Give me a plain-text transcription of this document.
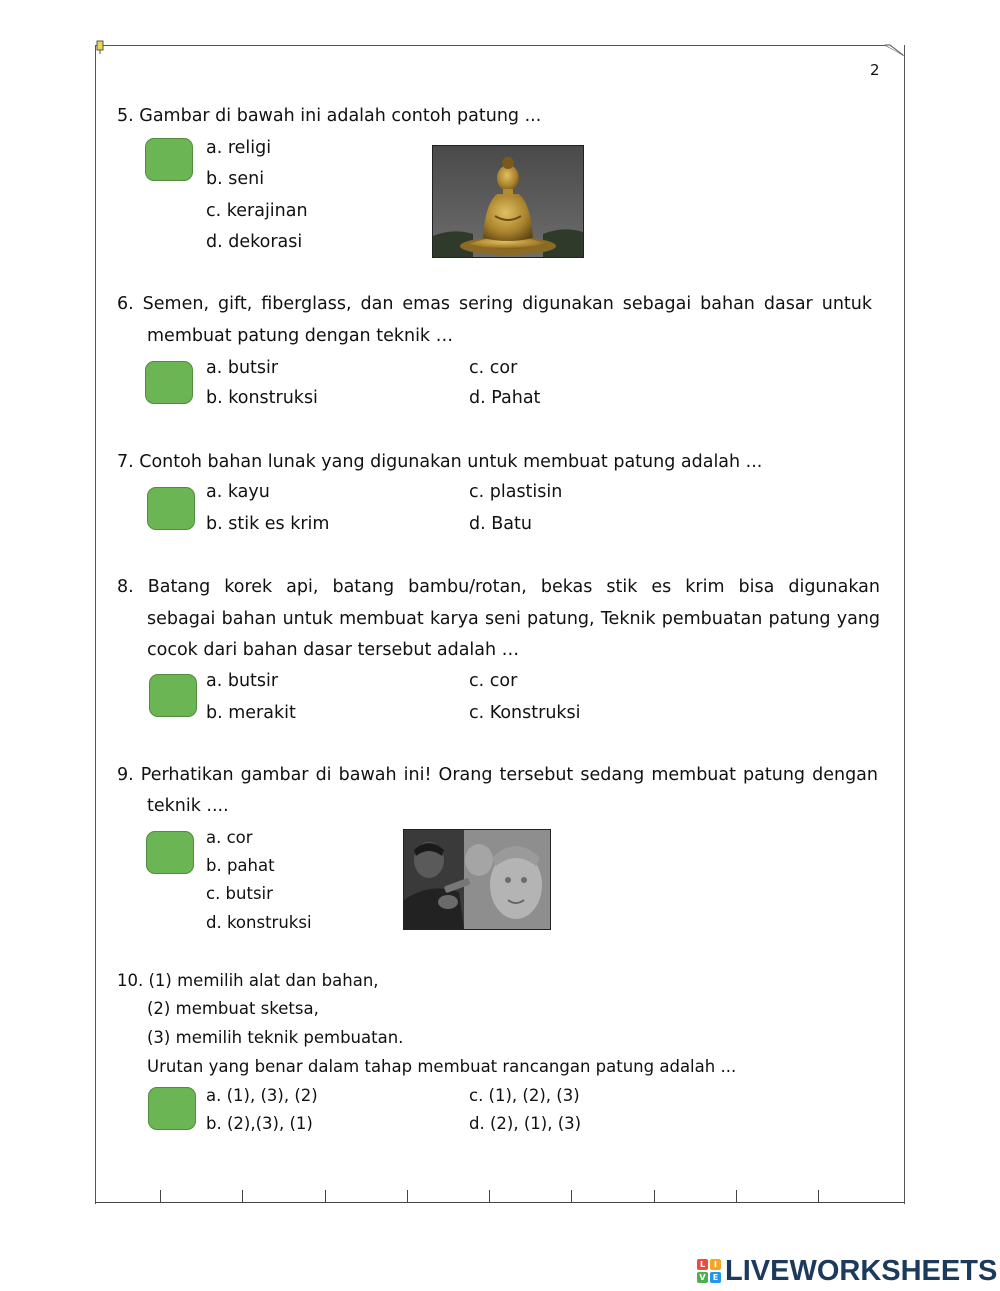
2
5. Gambar di bawah ini adalah contoh patung ...
a. religi
b. seni
c. kerajinan
d. dekorasi
6. Semen, gift, fiberglass, dan emas sering digunakan sebagai bahan dasar untuk
membuat patung dengan teknik …
a. butsir
b. konstruksi
c. cor
d. Pahat
7. Contoh bahan lunak yang digunakan untuk membuat patung adalah ...
a. kayu
b. stik es krim
c. plastisin
d. Batu
8. Batang korek api, batang bambu/rotan, bekas stik es krim bisa digunakan
sebagai bahan untuk membuat karya seni patung, Teknik pembuatan patung yang
cocok dari bahan dasar tersebut adalah …
a. butsir
b. merakit
c. cor
c. Konstruksi
9. Perhatikan gambar di bawah ini! Orang tersebut sedang membuat patung dengan
teknik ....
a. cor
b. pahat
c. butsir
d. konstruksi
10. (1) memilih alat dan bahan,
(2) membuat sketsa,
(3) memilih teknik pembuatan.
Urutan yang benar dalam tahap membuat rancangan patung adalah ...
a. (1), (3), (2)
b. (2),(3), (1)
c. (1), (2), (3)
d. (2), (1), (3)
L	I
V E LIVEWORKSHEETS
